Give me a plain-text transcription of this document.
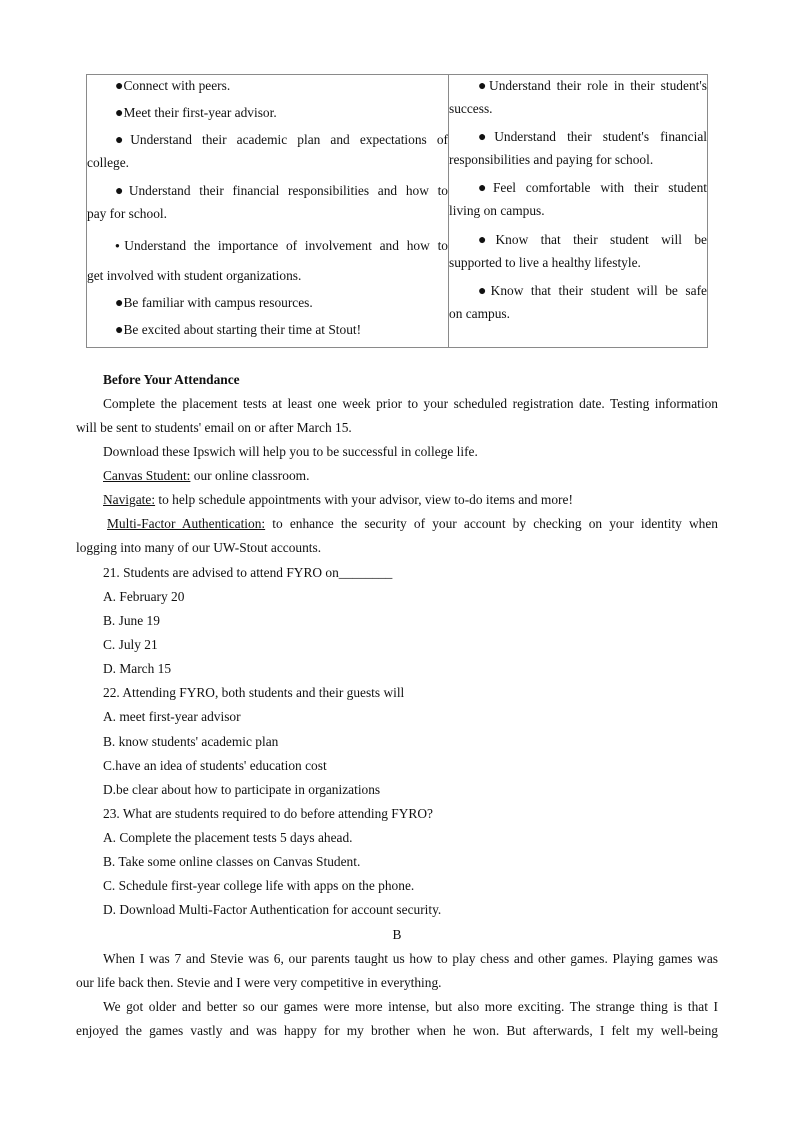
●Connect with peers.
●Meet their first-year advisor.
●Understand their academic plan and expectations of
college.
●Understand their financial responsibilities and how to
pay for school.
●Understand the importance of involvement and how to
get involved with student organizations.
●Be familiar with campus resources.
●Be excited about starting their time at Stout!
●Understand their role in their student's
success.
●Understand their student's financial
responsibilities and paying for school.
●Feel comfortable with their student
living on campus.
●Know that their student will be
supported to live a healthy lifestyle.
●Know that their student will be safe
on campus.
Before Your Attendance
Complete the placement tests at least one week prior to your scheduled registration date. Testing information
will be sent to students' email on or after March 15.
Download these Ipswich will help you to be successful in college life.
Canvas Student: our online classroom.
Navigate: to help schedule appointments with your advisor, view to-do items and more!
Multi-Factor Authentication: to enhance the security of your account by checking on your identity when
logging into many of our UW-Stout accounts.
21. Students are advised to attend FYRO on________
A. February 20
B. June 19
C. July 21
D. March 15
22. Attending FYRO, both students and their guests will
A. meet first-year advisor
B. know students' academic plan
C.have an idea of students' education cost
D.be clear about how to participate in organizations
23. What are students required to do before attending FYRO?
A. Complete the placement tests 5 days ahead.
B. Take some online classes on Canvas Student.
C. Schedule first-year college life with apps on the phone.
D. Download Multi-Factor Authentication for account security.
B
When I was 7 and Stevie was 6, our parents taught us how to play chess and other games. Playing games was
our life back then. Stevie and I were very competitive in everything.
We got older and better so our games were more intense, but also more exciting. The strange thing is that I
enjoyed the games vastly and was happy for my brother when he won. But afterwards, I felt my well-being
